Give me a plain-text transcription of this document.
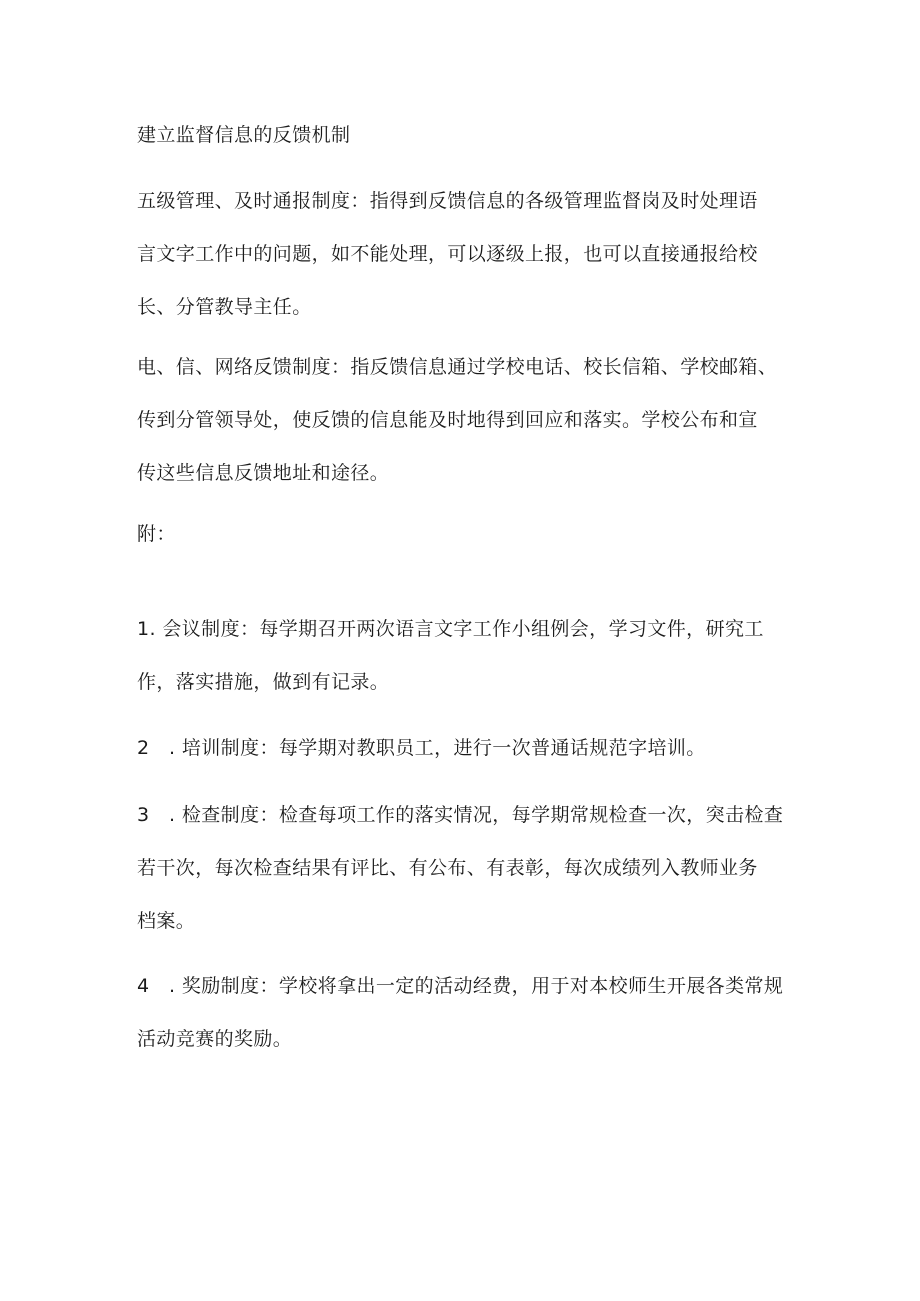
建立监督信息的反馈机制
五级管理、及时通报制度：指得到反馈信息的各级管理监督岗及时处理语
言文字工作中的问题，如不能处理，可以逐级上报，也可以直接通报给校
长、分管教导主任。
电、信、网络反馈制度：指反馈信息通过学校电话、校长信箱、学校邮箱、
传到分管领导处，使反馈的信息能及时地得到回应和落实。学校公布和宣
传这些信息反馈地址和途径。
附：
1. 会议制度：每学期召开两次语言文字工作小组例会，学习文件，研究工
作，落实措施，做到有记录。
2 . 培训制度：每学期对教职员工，进行一次普通话规范字培训。
3 . 检查制度：检查每项工作的落实情况，每学期常规检查一次，突击检查
若干次，每次检查结果有评比、有公布、有表彰，每次成绩列入教师业务
档案。
4 . 奖励制度：学校将拿出一定的活动经费，用于对本校师生开展各类常规
活动竞赛的奖励。
